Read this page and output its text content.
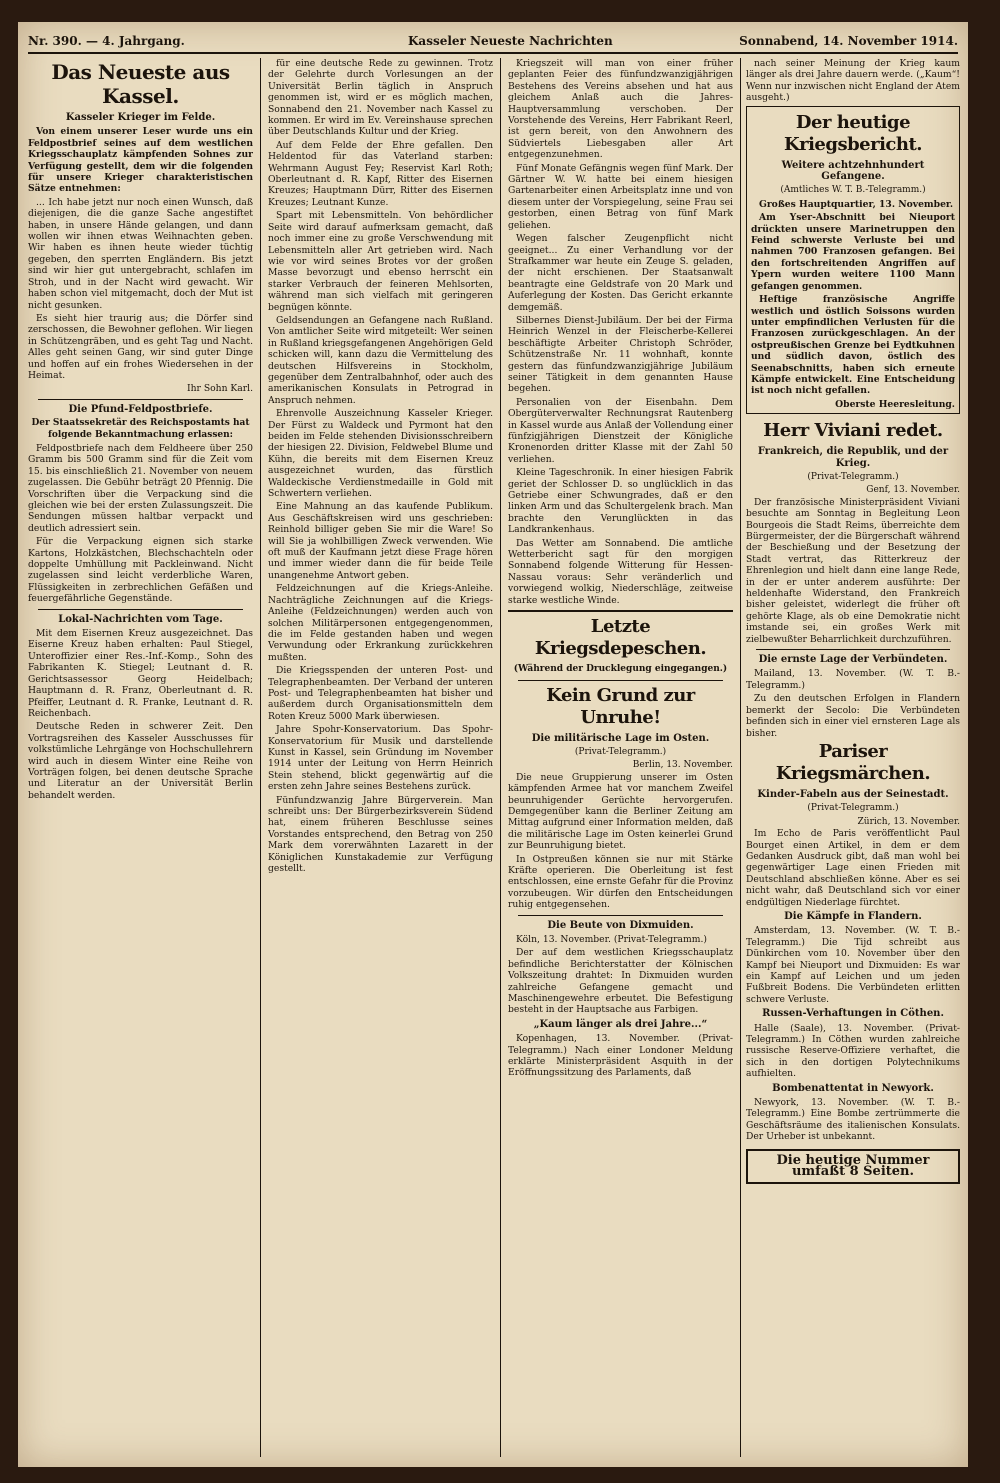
Nr. 390. — 4. Jahrgang.	Kasseler Neueste Nachrichten	Sonnabend, 14. November 1914.
Das Neueste aus Kassel.
Kasseler Krieger im Felde.

Von einem unserer Leser wurde uns ein Feldpostbrief seines auf dem westlichen Kriegsschauplatz kämpfenden Sohnes zur Verfügung gestellt, dem wir die folgenden für unsere Krieger charakteristischen Sätze entnehmen:

... Ich habe jetzt nur noch einen Wunsch, daß diejenigen, die die ganze Sache angestiftet haben, in unsere Hände gelangen, und dann wollen wir ihnen etwas Weihnachten geben. Wir haben es ihnen heute wieder tüchtig gegeben, den sperrten Engländern. Bis jetzt sind wir hier gut untergebracht, schlafen im Stroh, und in der Nacht wird gewacht. Wir haben schon viel mitgemacht, doch der Mut ist nicht gesunken.

Es sieht hier traurig aus; die Dörfer sind zerschossen, die Bewohner geflohen. Wir liegen in Schützengräben, und es geht Tag und Nacht. Alles geht seinen Gang, wir sind guter Dinge und hoffen auf ein frohes Wiedersehen in der Heimat.

Ihr Sohn Karl.
Die Pfund-Feldpostbriefe.
Der Staatssekretär des Reichspostamts hat folgende Bekanntmachung erlassen:

Feldpostbriefe nach dem Feldheere über 250 Gramm bis 500 Gramm sind für die Zeit vom 15. bis einschließlich 21. November von neuem zugelassen. Die Gebühr beträgt 20 Pfennig. Die Vorschriften über die Verpackung sind die gleichen wie bei der ersten Zulassungszeit. Die Sendungen müssen haltbar verpackt und deutlich adressiert sein.

Für die Verpackung eignen sich starke Kartons, Holzkästchen, Blechschachteln oder doppelte Umhüllung mit Packleinwand. Nicht zugelassen sind leicht verderbliche Waren, Flüssigkeiten in zerbrechlichen Gefäßen und feuergefährliche Gegenstände.

Lokal-Nachrichten vom Tage.

Mit dem Eisernen Kreuz ausgezeichnet. Das Eiserne Kreuz haben erhalten: Paul Stiegel, Unteroffizier einer Res.-Inf.-Komp., Sohn des Fabrikanten K. Stiegel; Leutnant d. R. Gerichtsassessor Georg Heidelbach; Hauptmann d. R. Franz, Oberleutnant d. R. Pfeiffer, Leutnant d. R. Franke, Leutnant d. R. Reichenbach.

Deutsche Reden in schwerer Zeit. Den Vortragsreihen des Kasseler Ausschusses für volkstümliche Lehrgänge von Hochschullehrern wird auch in diesem Winter eine Reihe von Vorträgen folgen, bei denen deutsche Sprache und Literatur an der Universität Berlin behandelt werden.

für eine deutsche Rede zu gewinnen. Trotz der Gelehrte durch Vorlesungen an der Universität Berlin täglich in Anspruch genommen ist, wird er es möglich machen, Sonnabend den 21. November nach Kassel zu kommen. Er wird im Ev. Vereinshause sprechen über Deutschlands Kultur und der Krieg.

Auf dem Felde der Ehre gefallen. Den Heldentod für das Vaterland starben: Wehrmann August Fey; Reservist Karl Roth; Oberleutnant d. R. Kapf, Ritter des Eisernen Kreuzes; Hauptmann Dürr, Ritter des Eisernen Kreuzes; Leutnant Kunze.

Spart mit Lebensmitteln. Von behördlicher Seite wird darauf aufmerksam gemacht, daß noch immer eine zu große Verschwendung mit Lebensmitteln aller Art getrieben wird. Nach wie vor wird seines Brotes vor der großen Masse bevorzugt und ebenso herrscht ein starker Verbrauch der feineren Mehlsorten, während man sich vielfach mit geringeren begnügen könnte.

Geldsendungen an Gefangene nach Rußland. Von amtlicher Seite wird mitgeteilt: Wer seinen in Rußland kriegsgefangenen Angehörigen Geld schicken will, kann dazu die Vermittelung des deutschen Hilfsvereins in Stockholm, gegenüber dem Zentralbahnhof, oder auch des amerikanischen Konsulats in Petrograd in Anspruch nehmen.

Ehrenvolle Auszeichnung Kasseler Krieger. Der Fürst zu Waldeck und Pyrmont hat den beiden im Felde stehenden Divisionsschreibern der hiesigen 22. Division, Feldwebel Blume und Kühn, die bereits mit dem Eisernen Kreuz ausgezeichnet wurden, das fürstlich Waldeckische Verdienstmedaille in Gold mit Schwertern verliehen.

Eine Mahnung an das kaufende Publikum. Aus Geschäftskreisen wird uns geschrieben: Reinhold billiger geben Sie mir die Ware! So will Sie ja wohlbilligen Zweck verwenden. Wie oft muß der Kaufmann jetzt diese Frage hören und immer wieder dann die für beide Teile unangenehme Antwort geben.

Feldzeichnungen auf die Kriegs-Anleihe. Nachträgliche Zeichnungen auf die Kriegs-Anleihe (Feldzeichnungen) werden auch von solchen Militärpersonen entgegengenommen, die im Felde gestanden haben und wegen Verwundung oder Erkrankung zurückkehren mußten.

Die Kriegsspenden der unteren Post- und Telegraphenbeamten. Der Verband der unteren Post- und Telegraphenbeamten hat bisher und außerdem durch Organisationsmitteln dem Roten Kreuz 5000 Mark überwiesen.

Jahre Spohr-Konservatorium. Das Spohr-Konservatorium für Musik und darstellende Kunst in Kassel, sein Gründung im November 1914 unter der Leitung von Herrn Heinrich Stein stehend, blickt gegenwärtig auf die ersten zehn Jahre seines Bestehens zurück.

Fünfundzwanzig Jahre Bürgerverein. Man schreibt uns: Der Bürgerbezirksverein Südend hat, einem früheren Beschlusse seines Vorstandes entsprechend, den Betrag von 250 Mark dem vorerwähnten Lazarett in der Königlichen Kunstakademie zur Verfügung gestellt.

Kriegszeit will man von einer früher geplanten Feier des fünfundzwanzigjährigen Bestehens des Vereins absehen und hat aus gleichem Anlaß auch die Jahres-Hauptversammlung verschoben. Der Vorstehende des Vereins, Herr Fabrikant Reerl, ist gern bereit, von den Anwohnern des Südviertels Liebesgaben aller Art entgegenzunehmen.

Fünf Monate Gefängnis wegen fünf Mark. Der Gärtner W. W. hatte bei einem hiesigen Gartenarbeiter einen Arbeitsplatz inne und von diesem unter der Vorspiegelung, seine Frau sei gestorben, einen Betrag von fünf Mark geliehen.

Wegen falscher Zeugenpflicht nicht geeignet... Zu einer Verhandlung vor der Strafkammer war heute ein Zeuge S. geladen, der nicht erschienen. Der Staatsanwalt beantragte eine Geldstrafe von 20 Mark und Auferlegung der Kosten. Das Gericht erkannte demgemäß.

Silbernes Dienst-Jubiläum. Der bei der Firma Heinrich Wenzel in der Fleischerbe-Kellerei beschäftigte Arbeiter Christoph Schröder, Schützenstraße Nr. 11 wohnhaft, konnte gestern das fünfundzwanzigjährige Jubiläum seiner Tätigkeit in dem genannten Hause begehen.

Personalien von der Eisenbahn. Dem Obergüterverwalter Rechnungsrat Rautenberg in Kassel wurde aus Anlaß der Vollendung einer fünfzigjährigen Dienstzeit der Königliche Kronenorden dritter Klasse mit der Zahl 50 verliehen.

Kleine Tageschronik. In einer hiesigen Fabrik geriet der Schlosser D. so unglücklich in das Getriebe einer Schwungrades, daß er den linken Arm und das Schultergelenk brach. Man brachte den Verunglückten in das Landkrankenhaus.

Das Wetter am Sonnabend. Die amtliche Wetterbericht sagt für den morgigen Sonnabend folgende Witterung für Hessen-Nassau voraus: Sehr veränderlich und vorwiegend wolkig, Niederschläge, zeitweise starke westliche Winde.

Letzte Kriegsdepeschen.
(Während der Drucklegung eingegangen.)
Kein Grund zur Unruhe!
Die militärische Lage im Osten.
(Privat-Telegramm.)
Berlin, 13. November.

Die neue Gruppierung unserer im Osten kämpfenden Armee hat vor manchem Zweifel beunruhigender Gerüchte hervorgerufen. Demgegenüber kann die Berliner Zeitung am Mittag aufgrund einer Information melden, daß die militärische Lage im Osten keinerlei Grund zur Beunruhigung bietet.

In Ostpreußen können sie nur mit Stärke Kräfte operieren. Die Oberleitung ist fest entschlossen, eine ernste Gefahr für die Provinz vorzubeugen. Wir dürfen den Entscheidungen ruhig entgegensehen.

Die Beute von Dixmuiden.

Köln, 13. November. (Privat-Telegramm.)

Der auf dem westlichen Kriegsschauplatz befindliche Berichterstatter der Kölnischen Volkszeitung drahtet: In Dixmuiden wurden zahlreiche Gefangene gemacht und Maschinengewehre erbeutet. Die Befestigung besteht in der Hauptsache aus Farbigen.

„Kaum länger als drei Jahre...“

Kopenhagen, 13. November. (Privat-Telegramm.) Nach einer Londoner Meldung erklärte Ministerpräsident Asquith in der Eröffnungssitzung des Parlaments, daß

nach seiner Meinung der Krieg kaum länger als drei Jahre dauern werde. („Kaum“! Wenn nur inzwischen nicht England der Atem ausgeht.)

Der heutige Kriegsbericht.
Weitere achtzehnhundert Gefangene.
(Amtliches W. T. B.-Telegramm.)

Großes Hauptquartier, 13. November.

Am Yser-Abschnitt bei Nieuport drückten unsere Marinetruppen den Feind schwerste Verluste bei und nahmen 700 Franzosen gefangen. Bei den fortschreitenden Angriffen auf Ypern wurden weitere 1100 Mann gefangen genommen.

Heftige französische Angriffe westlich und östlich Soissons wurden unter empfindlichen Verlusten für die Franzosen zurückgeschlagen. An der ostpreußischen Grenze bei Eydtkuhnen und südlich davon, östlich des Seenabschnitts, haben sich erneute Kämpfe entwickelt. Eine Entscheidung ist noch nicht gefallen.

Oberste Heeresleitung.
Herr Viviani redet.
Frankreich, die Republik, und der Krieg.
(Privat-Telegramm.)
Genf, 13. November.

Der französische Ministerpräsident Viviani besuchte am Sonntag in Begleitung Leon Bourgeois die Stadt Reims, überreichte dem Bürgermeister, der die Bürgerschaft während der Beschießung und der Besetzung der Stadt vertrat, das Ritterkreuz der Ehrenlegion und hielt dann eine lange Rede, in der er unter anderem ausführte: Der heldenhafte Widerstand, den Frankreich bisher geleistet, widerlegt die früher oft gehörte Klage, als ob eine Demokratie nicht imstande sei, ein großes Werk mit zielbewußter Beharrlichkeit durchzuführen.

Die ernste Lage der Verbündeten.

Mailand, 13. November. (W. T. B.-Telegramm.)

Zu den deutschen Erfolgen in Flandern bemerkt der Secolo: Die Verbündeten befinden sich in einer viel ernsteren Lage als bisher.

Pariser Kriegsmärchen.
Kinder-Fabeln aus der Seinestadt.
(Privat-Telegramm.)
Zürich, 13. November.

Im Echo de Paris veröffentlicht Paul Bourget einen Artikel, in dem er dem Gedanken Ausdruck gibt, daß man wohl bei gegenwärtiger Lage einen Frieden mit Deutschland abschließen könne. Aber es sei nicht wahr, daß Deutschland sich vor einer endgültigen Niederlage fürchtet.

Die Kämpfe in Flandern.

Amsterdam, 13. November. (W. T. B.-Telegramm.) Die Tijd schreibt aus Dünkirchen vom 10. November über den Kampf bei Nieuport und Dixmuiden: Es war ein Kampf auf Leichen und um jeden Fußbreit Bodens. Die Verbündeten erlitten schwere Verluste.

Russen-Verhaftungen in Cöthen.

Halle (Saale), 13. November. (Privat-Telegramm.) In Cöthen wurden zahlreiche russische Reserve-Offiziere verhaftet, die sich in den dortigen Polytechnikums aufhielten.

Bombenattentat in Newyork.

Newyork, 13. November. (W. T. B.-Telegramm.) Eine Bombe zertrümmerte die Geschäftsräume des italienischen Konsulats. Der Urheber ist unbekannt.

Die heutige Nummer umfaßt 8 Seiten.
